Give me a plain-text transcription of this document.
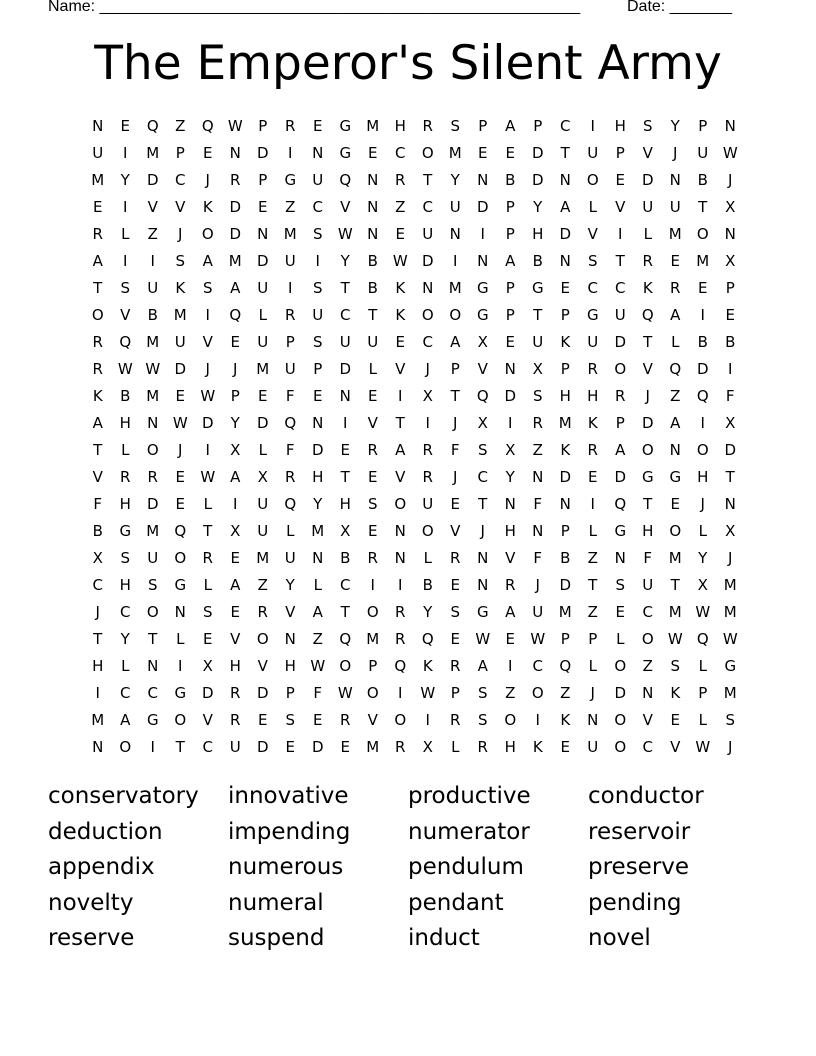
Name: ______________________________________________________	Date: _______
The Emperor's Silent Army
N	E	Q	Z	Q W	P	R	E	G	M	H	R	S	P	A	P	C	I	H	S	Y	P	N
U	I	M	P	E	N	D	I	N	G	E	C	O	M	E	E	D	T	U	P	V	J	U W
M	Y	D	C	J	R	P	G	U	Q	N	R	T	Y	N	B	D	N	O	E	D	N	B	J
E	I	V	V	K	D	E	Z	C	V	N	Z	C	U	D	P	Y	A	L	V	U	U	T	X
R	L	Z	J	O	D	N	M	S	W N	E	U	N	I	P	H	D	V	I	L	M	O	N
A	I	I	S	A	M	D	U	I	Y	B W D	I	N	A	B	N	S	T	R	E	M	X
T	S	U	K	S	A	U	I	S	T	B	K	N	M	G	P	G	E	C	C	K	R	E	P
O	V	B	M	I	Q	L	R	U	C	T	K	O	O	G	P	T	P	G	U	Q	A	I	E
R	Q	M	U	V	E	U	P	S	U	U	E	C	A	X	E	U	K	U	D	T	L	B	B
R W W D	J	J	M	U	P	D	L	V	J	P	V	N	X	P	R	O	V	Q	D	I
K	B	M	E	W	P	E	F	E	N	E	I	X	T	Q	D	S	H	H	R	J	Z	Q	F
A	H	N W D	Y	D	Q	N	I	V	T	I	J	X	I	R	M	K	P	D	A	I	X
T	L	O	J	I	X	L	F	D	E	R	A	R	F	S	X	Z	K	R	A	O	N	O	D
V	R	R	E	W A	X	R	H	T	E	V	R	J	C	Y	N	D	E	D	G	G	H	T
F	H	D	E	L	I	U	Q	Y	H	S	O	U	E	T	N	F	N	I	Q	T	E	J	N
B	G	M	Q	T	X	U	L	M	X	E	N	O	V	J	H	N	P	L	G	H	O	L	X
X	S	U	O	R	E	M	U	N	B	R	N	L	R	N	V	F	B	Z	N	F	M	Y	J
C	H	S	G	L	A	Z	Y	L	C	I	I	B	E	N	R	J	D	T	S	U	T	X	M
J	C	O	N	S	E	R	V	A	T	O	R	Y	S	G	A	U	M	Z	E	C	M W M
T	Y	T	L	E	V	O	N	Z	Q	M	R	Q	E	W	E	W	P	P	L	O W Q W
H	L	N	I	X	H	V	H W O	P	Q	K	R	A	I	C	Q	L	O	Z	S	L	G
I	C	C	G	D	R	D	P	F	W O	I	W	P	S	Z	O	Z	J	D	N	K	P	M
M	A	G	O	V	R	E	S	E	R	V	O	I	R	S	O	I	K	N	O	V	E	L	S
N	O	I	T	C	U	D	E	D	E	M	R	X	L	R	H	K	E	U	O	C	V W	J
conservatory	innovative	productive	conductor
deduction	impending	numerator	reservoir
appendix	numerous	pendulum	preserve
novelty	numeral	pendant	pending
reserve	suspend	induct	novel
